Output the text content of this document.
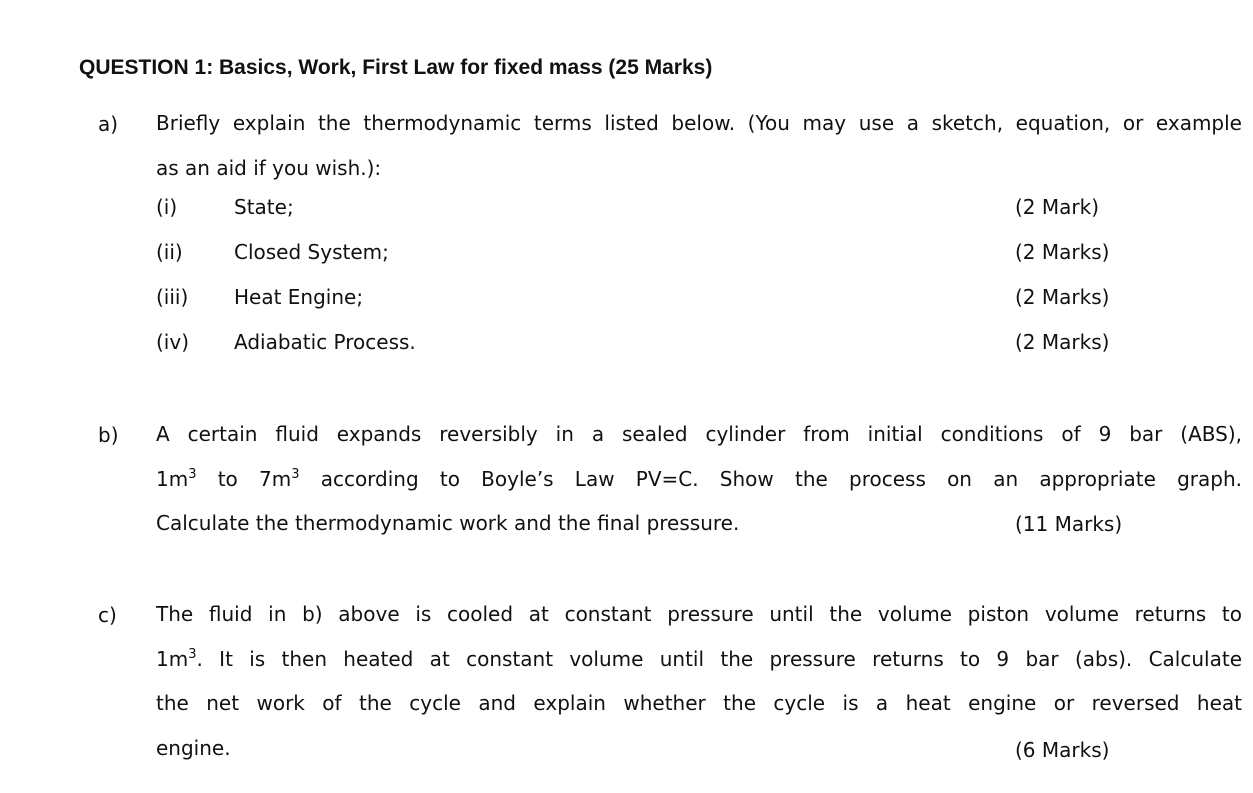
QUESTION 1: Basics, Work, First Law for fixed mass (25 Marks)
a) Briefly explain the thermodynamic terms listed below. (You may use a sketch, equation, or example
as an aid if you wish.):
(i)	State;	(2 Mark)
(ii)	Closed System;	(2 Marks)
(iii) Heat Engine;	(2 Marks)
(iv) Adiabatic Process.	(2 Marks)
b) A certain fluid expands reversibly in a sealed cylinder from initial conditions of 9 bar (ABS),
$1m^3$ to $7m^3$ according to Boyle’s Law PV=C. Show the process on an appropriate graph.
Calculate the thermodynamic work and the final pressure.	(11 Marks)
c) The fluid in b) above is cooled at constant pressure until the volume piston volume returns to
$1m^3$. It is then heated at constant volume until the pressure returns to 9 bar (abs). Calculate
the net work of the cycle and explain whether the cycle is a heat engine or reversed heat
engine.	(6 Marks)
